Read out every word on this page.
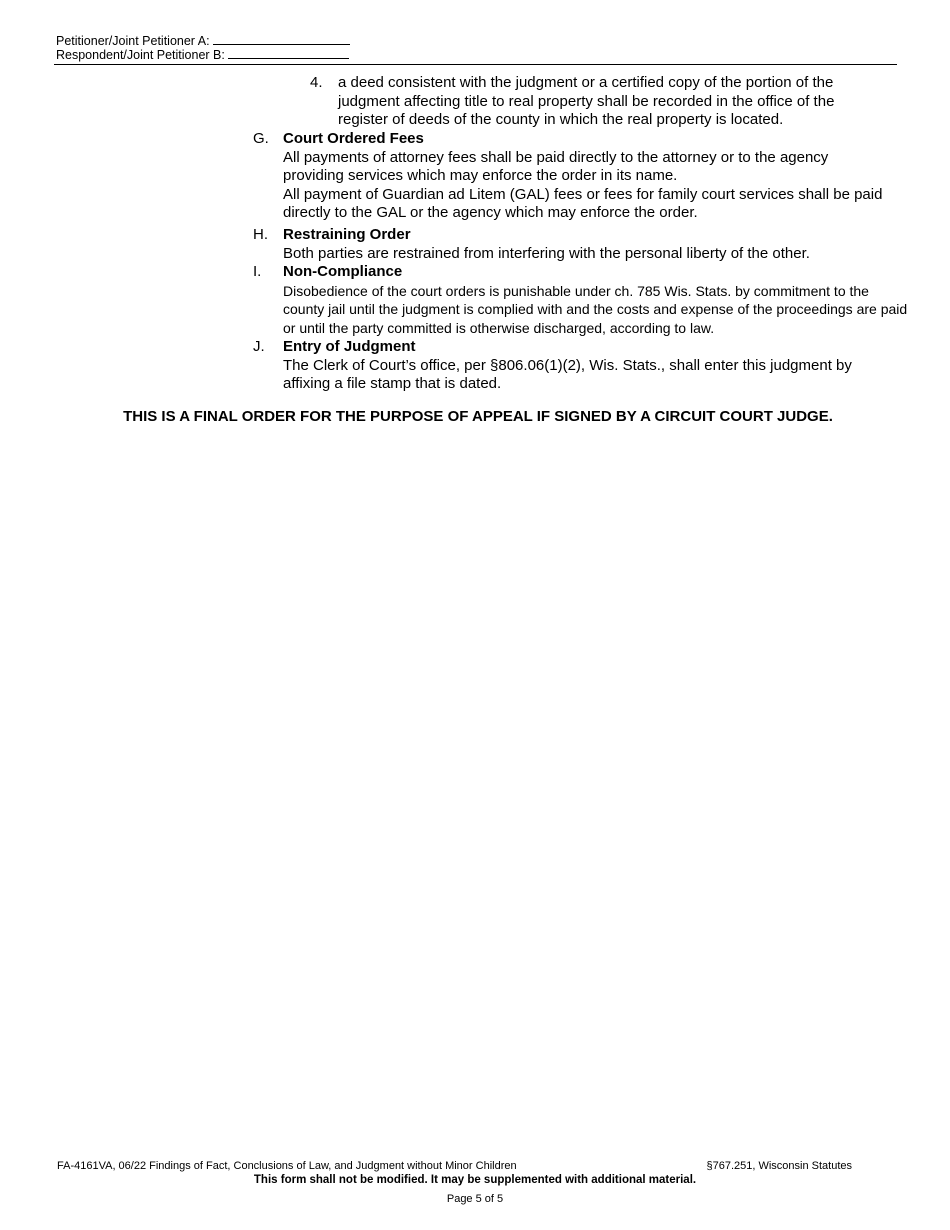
Petitioner/Joint Petitioner A:
Respondent/Joint Petitioner B:
4. a deed consistent with the judgment or a certified copy of the portion of the judgment affecting title to real property shall be recorded in the office of the register of deeds of the county in which the real property is located.
G. Court Ordered Fees
All payments of attorney fees shall be paid directly to the attorney or to the agency providing services which may enforce the order in its name.
All payment of Guardian ad Litem (GAL) fees or fees for family court services shall be paid directly to the GAL or the agency which may enforce the order.
H. Restraining Order
Both parties are restrained from interfering with the personal liberty of the other.
I. Non-Compliance
Disobedience of the court orders is punishable under ch. 785 Wis. Stats. by commitment to the county jail until the judgment is complied with and the costs and expense of the proceedings are paid or until the party committed is otherwise discharged, according to law.
J. Entry of Judgment
The Clerk of Court’s office, per §806.06(1)(2), Wis. Stats., shall enter this judgment by affixing a file stamp that is dated.
THIS IS A FINAL ORDER FOR THE PURPOSE OF APPEAL IF SIGNED BY A CIRCUIT COURT JUDGE.
FA-4161VA, 06/22 Findings of Fact, Conclusions of Law, and Judgment without Minor Children	§767.251, Wisconsin Statutes
This form shall not be modified. It may be supplemented with additional material.
Page 5 of 5
